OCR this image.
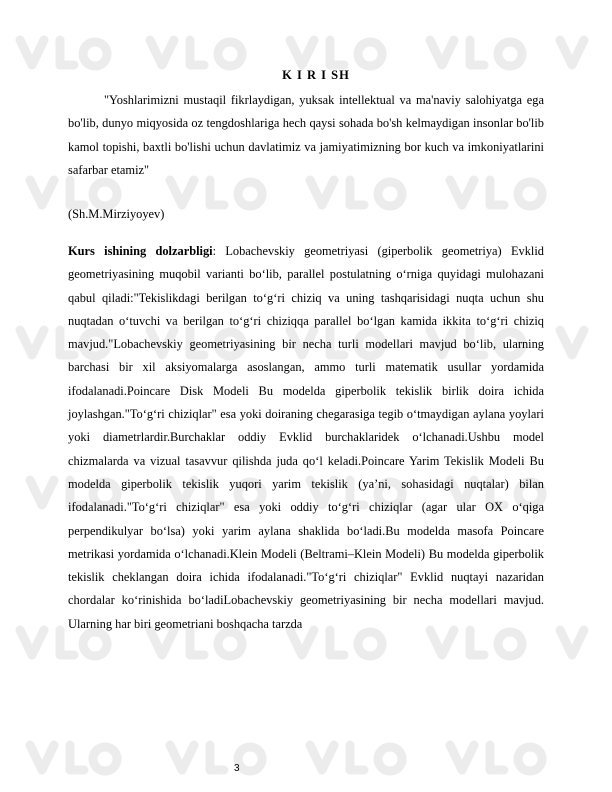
K I R I SH
"Yoshlarimizni mustaqil fikrlaydigan, yuksak intellektual va ma'naviy salohiyatga ega bo'lib, dunyo miqyosida oz tengdoshlariga hech qaysi sohada bo'sh kelmaydigan insonlar bo'lib kamol topishi, baxtli bo'lishi uchun davlatimiz va jamiyatimizning bor kuch va imkoniyatlarini safarbar etamiz"
(Sh.M.Mirziyoyev)
Kurs ishining dolzarbligi: Lobachevskiy geometriyasi (giperbolik geometriya) Evklid geometriyasining muqobil varianti bo‘lib, parallel postulatning o‘rniga quyidagi mulohazani qabul qiladi:"Tekislikdagi berilgan to‘g‘ri chiziq va uning tashqarisidagi nuqta uchun shu nuqtadan o‘tuvchi va berilgan to‘g‘ri chiziqqa parallel bo‘lgan kamida ikkita to‘g‘ri chiziq mavjud."Lobachevskiy geometriyasining bir necha turli modellari mavjud bo‘lib, ularning barchasi bir xil aksiyomalarga asoslangan, ammo turli matematik usullar yordamida ifodalanadi.Poincare Disk Modeli Bu modelda giperbolik tekislik birlik doira ichida joylashgan."To‘g‘ri chiziqlar" esa yoki doiraning chegarasiga tegib o‘tmaydigan aylana yoylari yoki diametrlardir.Burchaklar oddiy Evklid burchaklaridek o‘lchanadi.Ushbu model chizmalarda va vizual tasavvur qilishda juda qo‘l keladi.Poincare Yarim Tekislik Modeli Bu modelda giperbolik tekislik yuqori yarim tekislik (ya’ni, sohasidagi nuqtalar) bilan ifodalanadi."To‘g‘ri chiziqlar" esa yoki oddiy to‘g‘ri chiziqlar (agar ular OX o‘qiga perpendikulyar bo‘lsa) yoki yarim aylana shaklida bo‘ladi.Bu modelda masofa Poincare metrikasi yordamida o‘lchanadi.Klein Modeli (Beltrami–Klein Modeli) Bu modelda giperbolik tekislik cheklangan doira ichida ifodalanadi."To‘g‘ri chiziqlar" Evklid nuqtayi nazaridan chordalar ko‘rinishida bo‘ladiLobachevskiy geometriyasining bir necha modellari mavjud. Ularning har biri geometriani boshqacha tarzda
3
